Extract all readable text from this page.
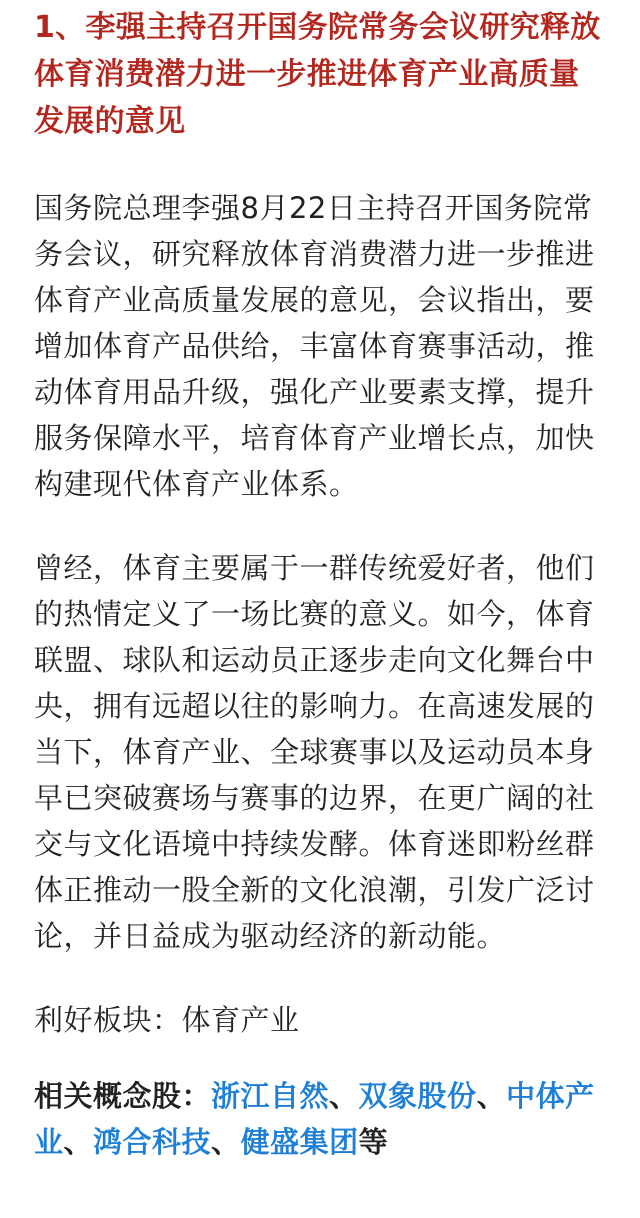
1、李强主持召开国务院常务会议研究释放体育消费潜力进一步推进体育产业高质量发展的意见

国务院总理李强8月22日主持召开国务院常务会议，研究释放体育消费潜力进一步推进体育产业高质量发展的意见，会议指出，要增加体育产品供给，丰富体育赛事活动，推动体育用品升级，强化产业要素支撑，提升服务保障水平，培育体育产业增长点，加快构建现代体育产业体系。

曾经，体育主要属于一群传统爱好者，他们的热情定义了一场比赛的意义。如今，体育联盟、球队和运动员正逐步走向文化舞台中央，拥有远超以往的影响力。在高速发展的当下，体育产业、全球赛事以及运动员本身早已突破赛场与赛事的边界，在更广阔的社交与文化语境中持续发酵。体育迷即粉丝群体正推动一股全新的文化浪潮，引发广泛讨论，并日益成为驱动经济的新动能。

利好板块：体育产业

相关概念股：浙江自然、双象股份、中体产业、鸿合科技、健盛集团等
